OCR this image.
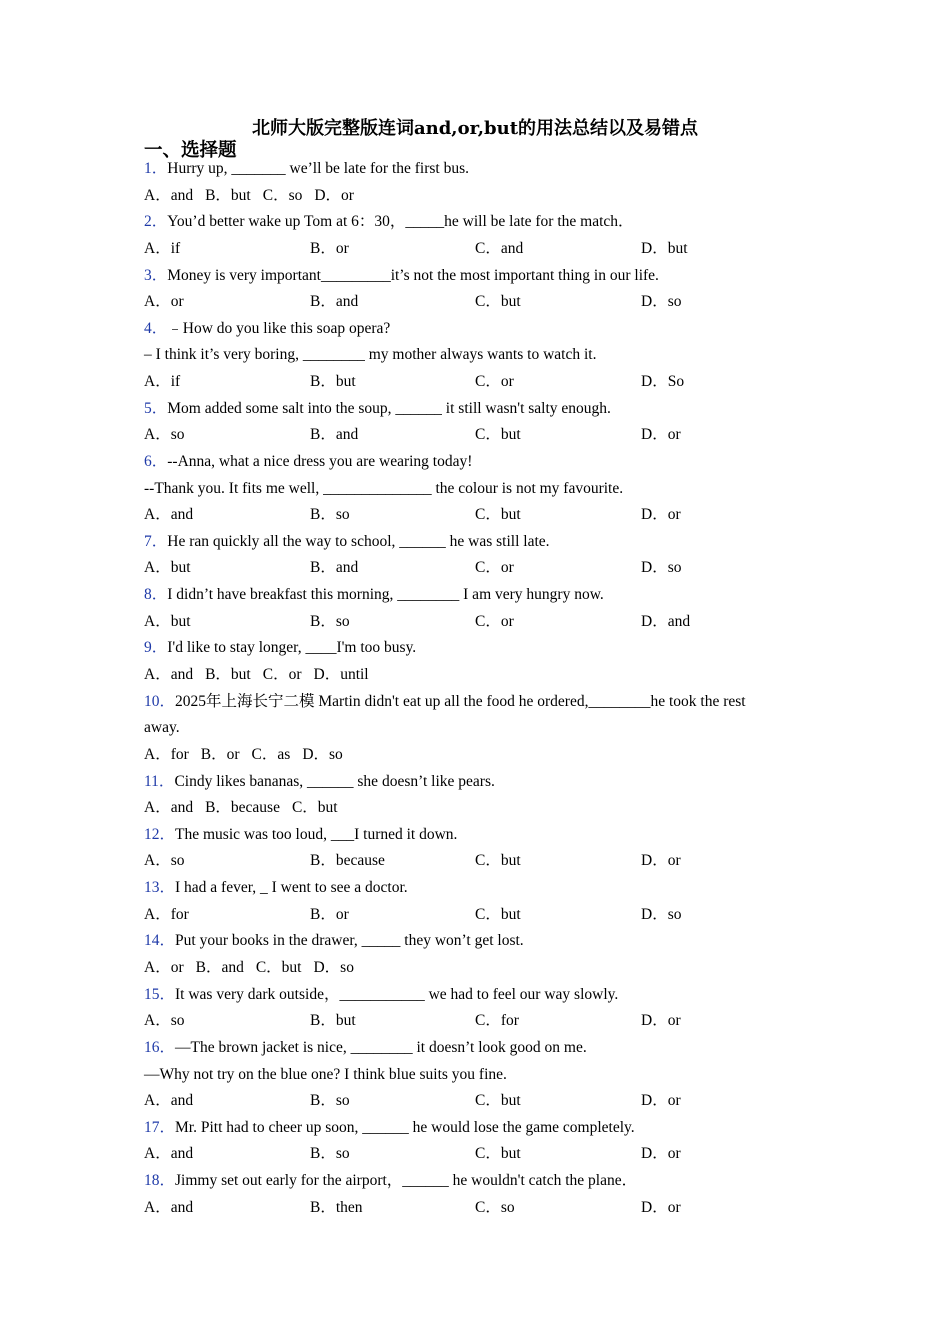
北师大版完整版连词and,or,but的用法总结以及易错点
一、选择题
1．Hurry up, _______ we’ll be late for the first bus.
A．and B．but C．so D．or
2．You’d better wake up Tom at 6：30，_____he will be late for the match．
A．if	B．or	C．and	D．but
3．Money is very important_________it’s not the most important thing in our life.
A．or	B．and	C．but	D．so
4．﹣How do you like this soap opera?
– I think it’s very boring, ________ my mother always wants to watch it.
A．if	B．but	C．or	D．So
5．Mom added some salt into the soup, ______ it still wasn't salty enough.
A．so	B．and	C．but	D．or
6．--Anna, what a nice dress you are wearing today!
--Thank you. It fits me well, ______________ the colour is not my favourite.
A．and	B．so	C．but	D．or
7．He ran quickly all the way to school, ______ he was still late.
A．but	B．and	C．or	D．so
8．I didn’t have breakfast this morning, ________ I am very hungry now.
A．but	B．so	C．or	D．and
9．I'd like to stay longer, ____I'm too busy.
A．and B．but C．or D．until
10．2025年上海长宁二模 Martin didn't eat up all the food he ordered,________he took the rest
away.
A．for B．or C．as D．so
11．Cindy likes bananas, ______ she doesn’t like pears.
A．and B．because C．but
12．The music was too loud, ___I turned it down.
A．so	B．because	C．but	D．or
13．I had a fever, _ I went to see a doctor.
A．for	B．or	C．but	D．so
14．Put your books in the drawer, _____ they won’t get lost.
A．or B．and C．but D．so
15．It was very dark outside，___________ we had to feel our way slowly.
A．so	B．but	C．for	D．or
16．—The brown jacket is nice, ________ it doesn’t look good on me.
—Why not try on the blue one? I think blue suits you fine.
A．and	B．so	C．but	D．or
17．Mr. Pitt had to cheer up soon, ______ he would lose the game completely.
A．and	B．so	C．but	D．or
18．Jimmy set out early for the airport，______ he wouldn't catch the plane．
A．and	B．then	C．so	D．or
